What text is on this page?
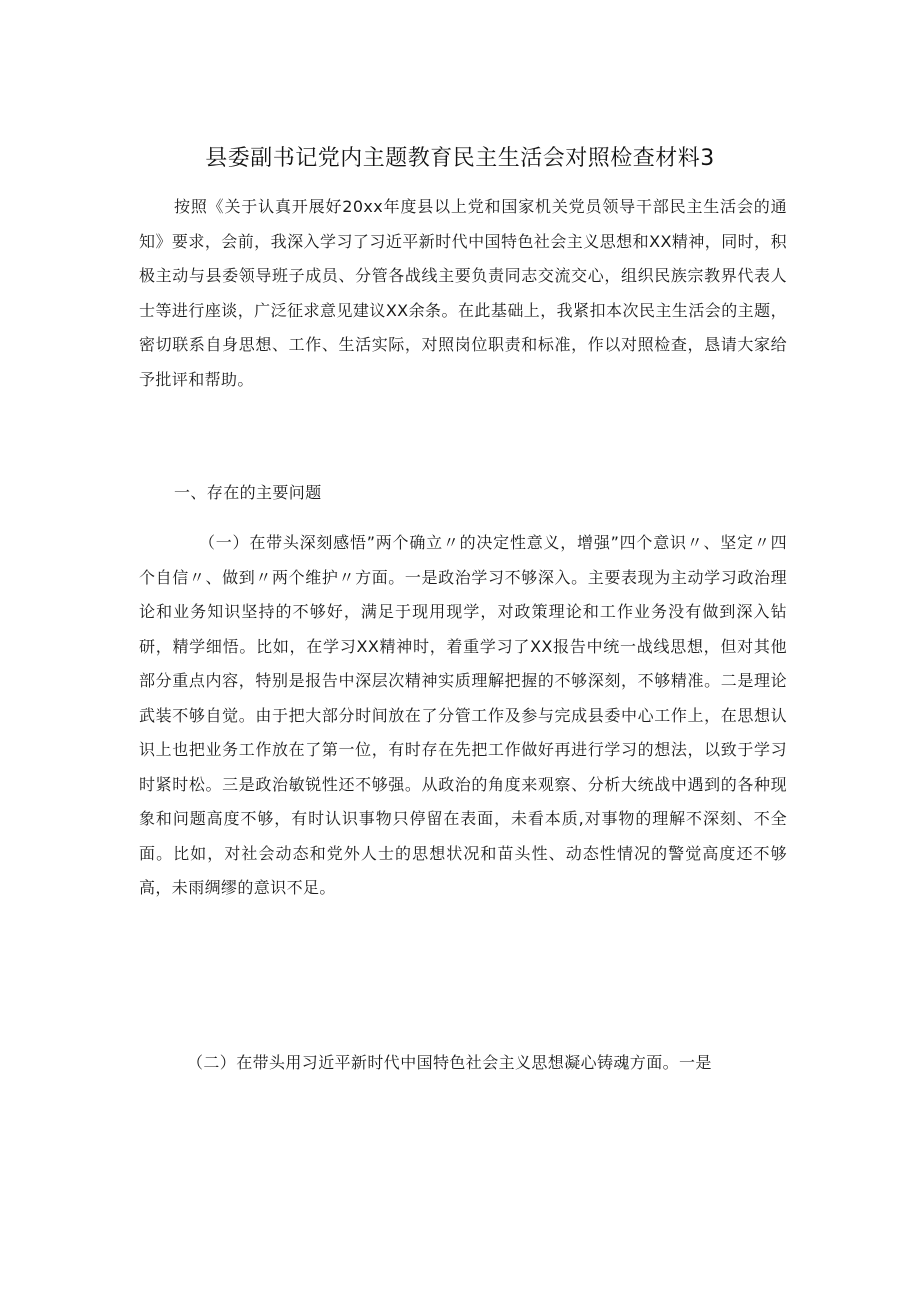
县委副书记党内主题教育民主生活会对照检查材料3
按照《关于认真开展好20xx年度县以上党和国家机关党员领导干部民主生活会的通知》要求，会前，我深入学习了习近平新时代中国特色社会主义思想和XX精神，同时，积极主动与县委领导班子成员、分管各战线主要负责同志交流交心，组织民族宗教界代表人士等进行座谈，广泛征求意见建议XX余条。在此基础上，我紧扣本次民主生活会的主题，密切联系自身思想、工作、生活实际，对照岗位职责和标准，作以对照检查，恳请大家给予批评和帮助。
一、存在的主要问题
（一）在带头深刻感悟”两个确立〃的决定性意义，增强”四个意识〃、坚定〃四个自信〃、做到〃两个维护〃方面。一是政治学习不够深入。主要表现为主动学习政治理论和业务知识坚持的不够好，满足于现用现学，对政策理论和工作业务没有做到深入钻研，精学细悟。比如，在学习XX精神时，着重学习了XX报告中统一战线思想，但对其他部分重点内容，特别是报告中深层次精神实质理解把握的不够深刻，不够精准。二是理论武装不够自觉。由于把大部分时间放在了分管工作及参与完成县委中心工作上，在思想认识上也把业务工作放在了第一位，有时存在先把工作做好再进行学习的想法，以致于学习时紧时松。三是政治敏锐性还不够强。从政治的角度来观察、分析大统战中遇到的各种现象和问题高度不够，有时认识事物只停留在表面，未看本质,对事物的理解不深刻、不全面。比如，对社会动态和党外人士的思想状况和苗头性、动态性情况的警觉高度还不够高，未雨绸缪的意识不足。
（二）在带头用习近平新时代中国特色社会主义思想凝心铸魂方面。一是
